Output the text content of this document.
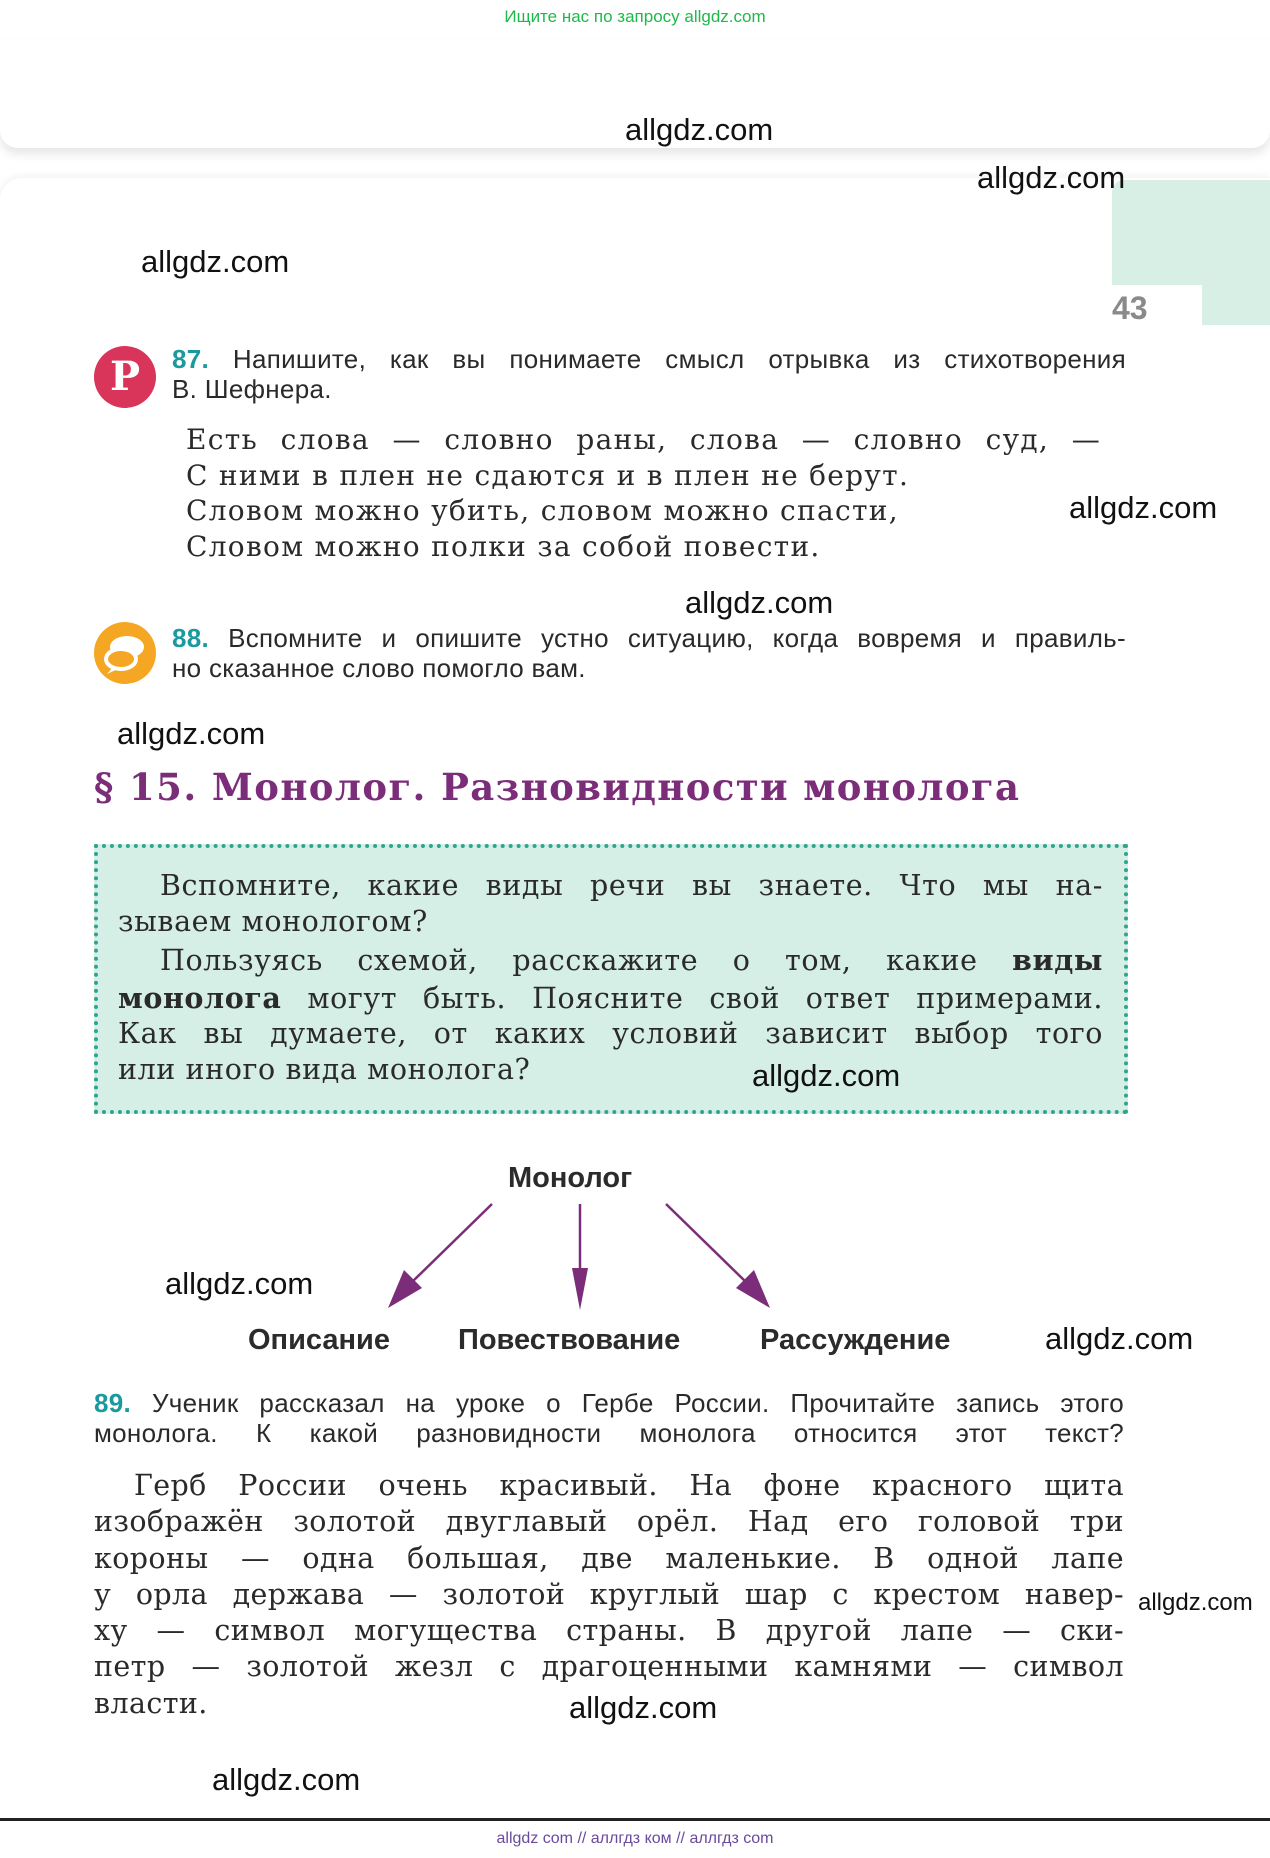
Ищите нас по запросу allgdz.com
43
P	87. Напишите, как вы понимаете смысл отрывка из стихотворения
В. Шефнера.
Есть слова — словно раны, слова — словно суд, —
С ними в плен не сдаются и в плен не берут.
Словом можно убить, словом можно спасти,
Словом можно полки за собой повести.
88. Вспомните и опишите устно ситуацию, когда вовремя и правиль-
но сказанное слово помогло вам.
§ 15. Монолог. Разновидности монолога
Вспомните, какие виды речи вы знаете. Что мы на-
зываем монологом?
Пользуясь схемой, расскажите о том, какие виды
монолога могут быть. Поясните свой ответ примерами.
Как вы думаете, от каких условий зависит выбор того
или иного вида монолога?
Монолог
Описание Повествование	Рассуждение
89. Ученик рассказал на уроке о Гербе России. Прочитайте запись этого
монолога. К какой разновидности монолога относится этот текст?
Герб России очень красивый. На фоне красного щита
изображён золотой двуглавый орёл. Над его головой три
короны — одна большая, две маленькие. В одной лапе
у орла держава — золотой круглый шар с крестом навер-
ху — символ могущества страны. В другой лапе — ски-
петр — золотой жезл с драгоценными камнями — символ
власти.
allgdz.com
allgdz.com
allgdz.com
allgdz.com
allgdz.com
allgdz.com
allgdz.com
allgdz.com
allgdz.com
allgdz.com
allgdz.com
allgdz.com
allgdz com // аллгдз ком // аллгдз com
